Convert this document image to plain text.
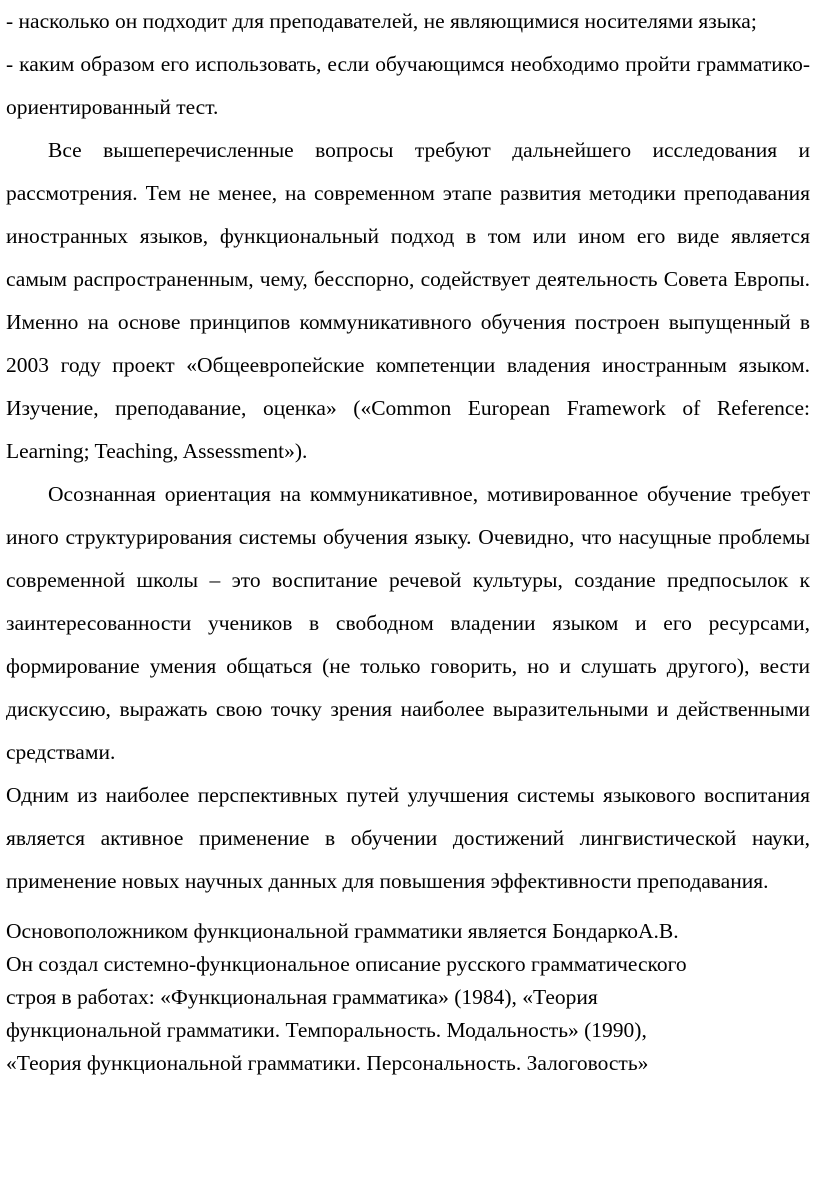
- насколько он подходит для преподавателей, не являющимися носителями языка;

- каким образом его использовать, если обучающимся необходимо пройти грамматико-ориентированный тест.

Все вышеперечисленные вопросы требуют дальнейшего исследования и рассмотрения. Тем не менее, на современном этапе развития методики преподавания иностранных языков, функциональный подход в том или ином его виде является самым распространенным, чему, бесспорно, содействует деятельность Совета Европы. Именно на основе принципов коммуникативного обучения построен выпущенный в 2003 году проект «Общеевропейские компетенции владения иностранным языком. Изучение, преподавание, оценка» («Common European Framework of Reference: Learning; Teaching, Assessment»).

Осознанная ориентация на коммуникативное, мотивированное обучение требует иного структурирования системы обучения языку. Очевидно, что насущные проблемы современной школы – это воспитание речевой культуры, создание предпосылок к заинтересованности учеников в свободном владении языком и его ресурсами, формирование умения общаться (не только говорить, но и слушать другого), вести дискуссию, выражать свою точку зрения наиболее выразительными и действенными средствами.

Одним из наиболее перспективных путей улучшения системы языкового воспитания является активное применение в обучении достижений лингвистической науки, применение новых научных данных для повышения эффективности преподавания.

Основоположником функциональной грамматики является БондаркоА.В.

Он создал системно-функциональное описание русского грамматического

строя в работах: «Функциональная грамматика» (1984), «Теория

функциональной грамматики. Темпоральность. Модальность» (1990),

«Теория функциональной грамматики. Персональность. Залоговость»
